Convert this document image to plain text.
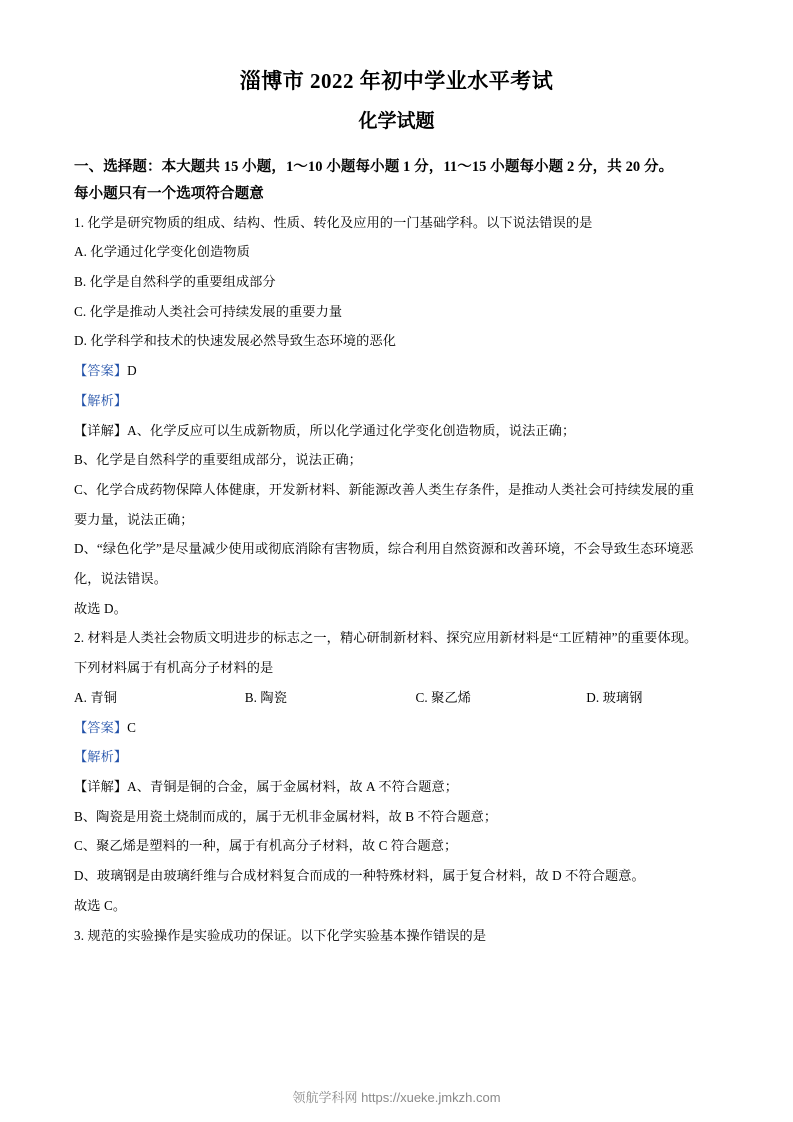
淄博市 2022 年初中学业水平考试
化学试题
一、选择题：本大题共 15 小题，1～10 小题每小题 1 分，11～15 小题每小题 2 分，共 20 分。
每小题只有一个选项符合题意
1. 化学是研究物质的组成、结构、性质、转化及应用的一门基础学科。以下说法错误的是
A. 化学通过化学变化创造物质
B. 化学是自然科学的重要组成部分
C. 化学是推动人类社会可持续发展的重要力量
D. 化学科学和技术的快速发展必然导致生态环境的恶化
【答案】D
【解析】
【详解】A、化学反应可以生成新物质，所以化学通过化学变化创造物质，说法正确；
B、化学是自然科学的重要组成部分，说法正确；
C、化学合成药物保障人体健康，开发新材料、新能源改善人类生存条件，是推动人类社会可持续发展的重
要力量，说法正确；
D、“绿色化学”是尽量减少使用或彻底消除有害物质，综合利用自然资源和改善环境，不会导致生态环境恶
化，说法错误。
故选 D。
2. 材料是人类社会物质文明进步的标志之一，精心研制新材料、探究应用新材料是“工匠精神”的重要体现。
下列材料属于有机高分子材料的是
A. 青铜	B. 陶瓷	C. 聚乙烯	D. 玻璃钢
【答案】C
【解析】
【详解】A、青铜是铜的合金，属于金属材料，故 A 不符合题意；
B、陶瓷是用瓷土烧制而成的，属于无机非金属材料，故 B 不符合题意；
C、聚乙烯是塑料的一种，属于有机高分子材料，故 C 符合题意；
D、玻璃钢是由玻璃纤维与合成材料复合而成的一种特殊材料，属于复合材料，故 D 不符合题意。
故选 C。
3. 规范的实验操作是实验成功的保证。以下化学实验基本操作错误的是
领航学科网 https://xueke.jmkzh.com
